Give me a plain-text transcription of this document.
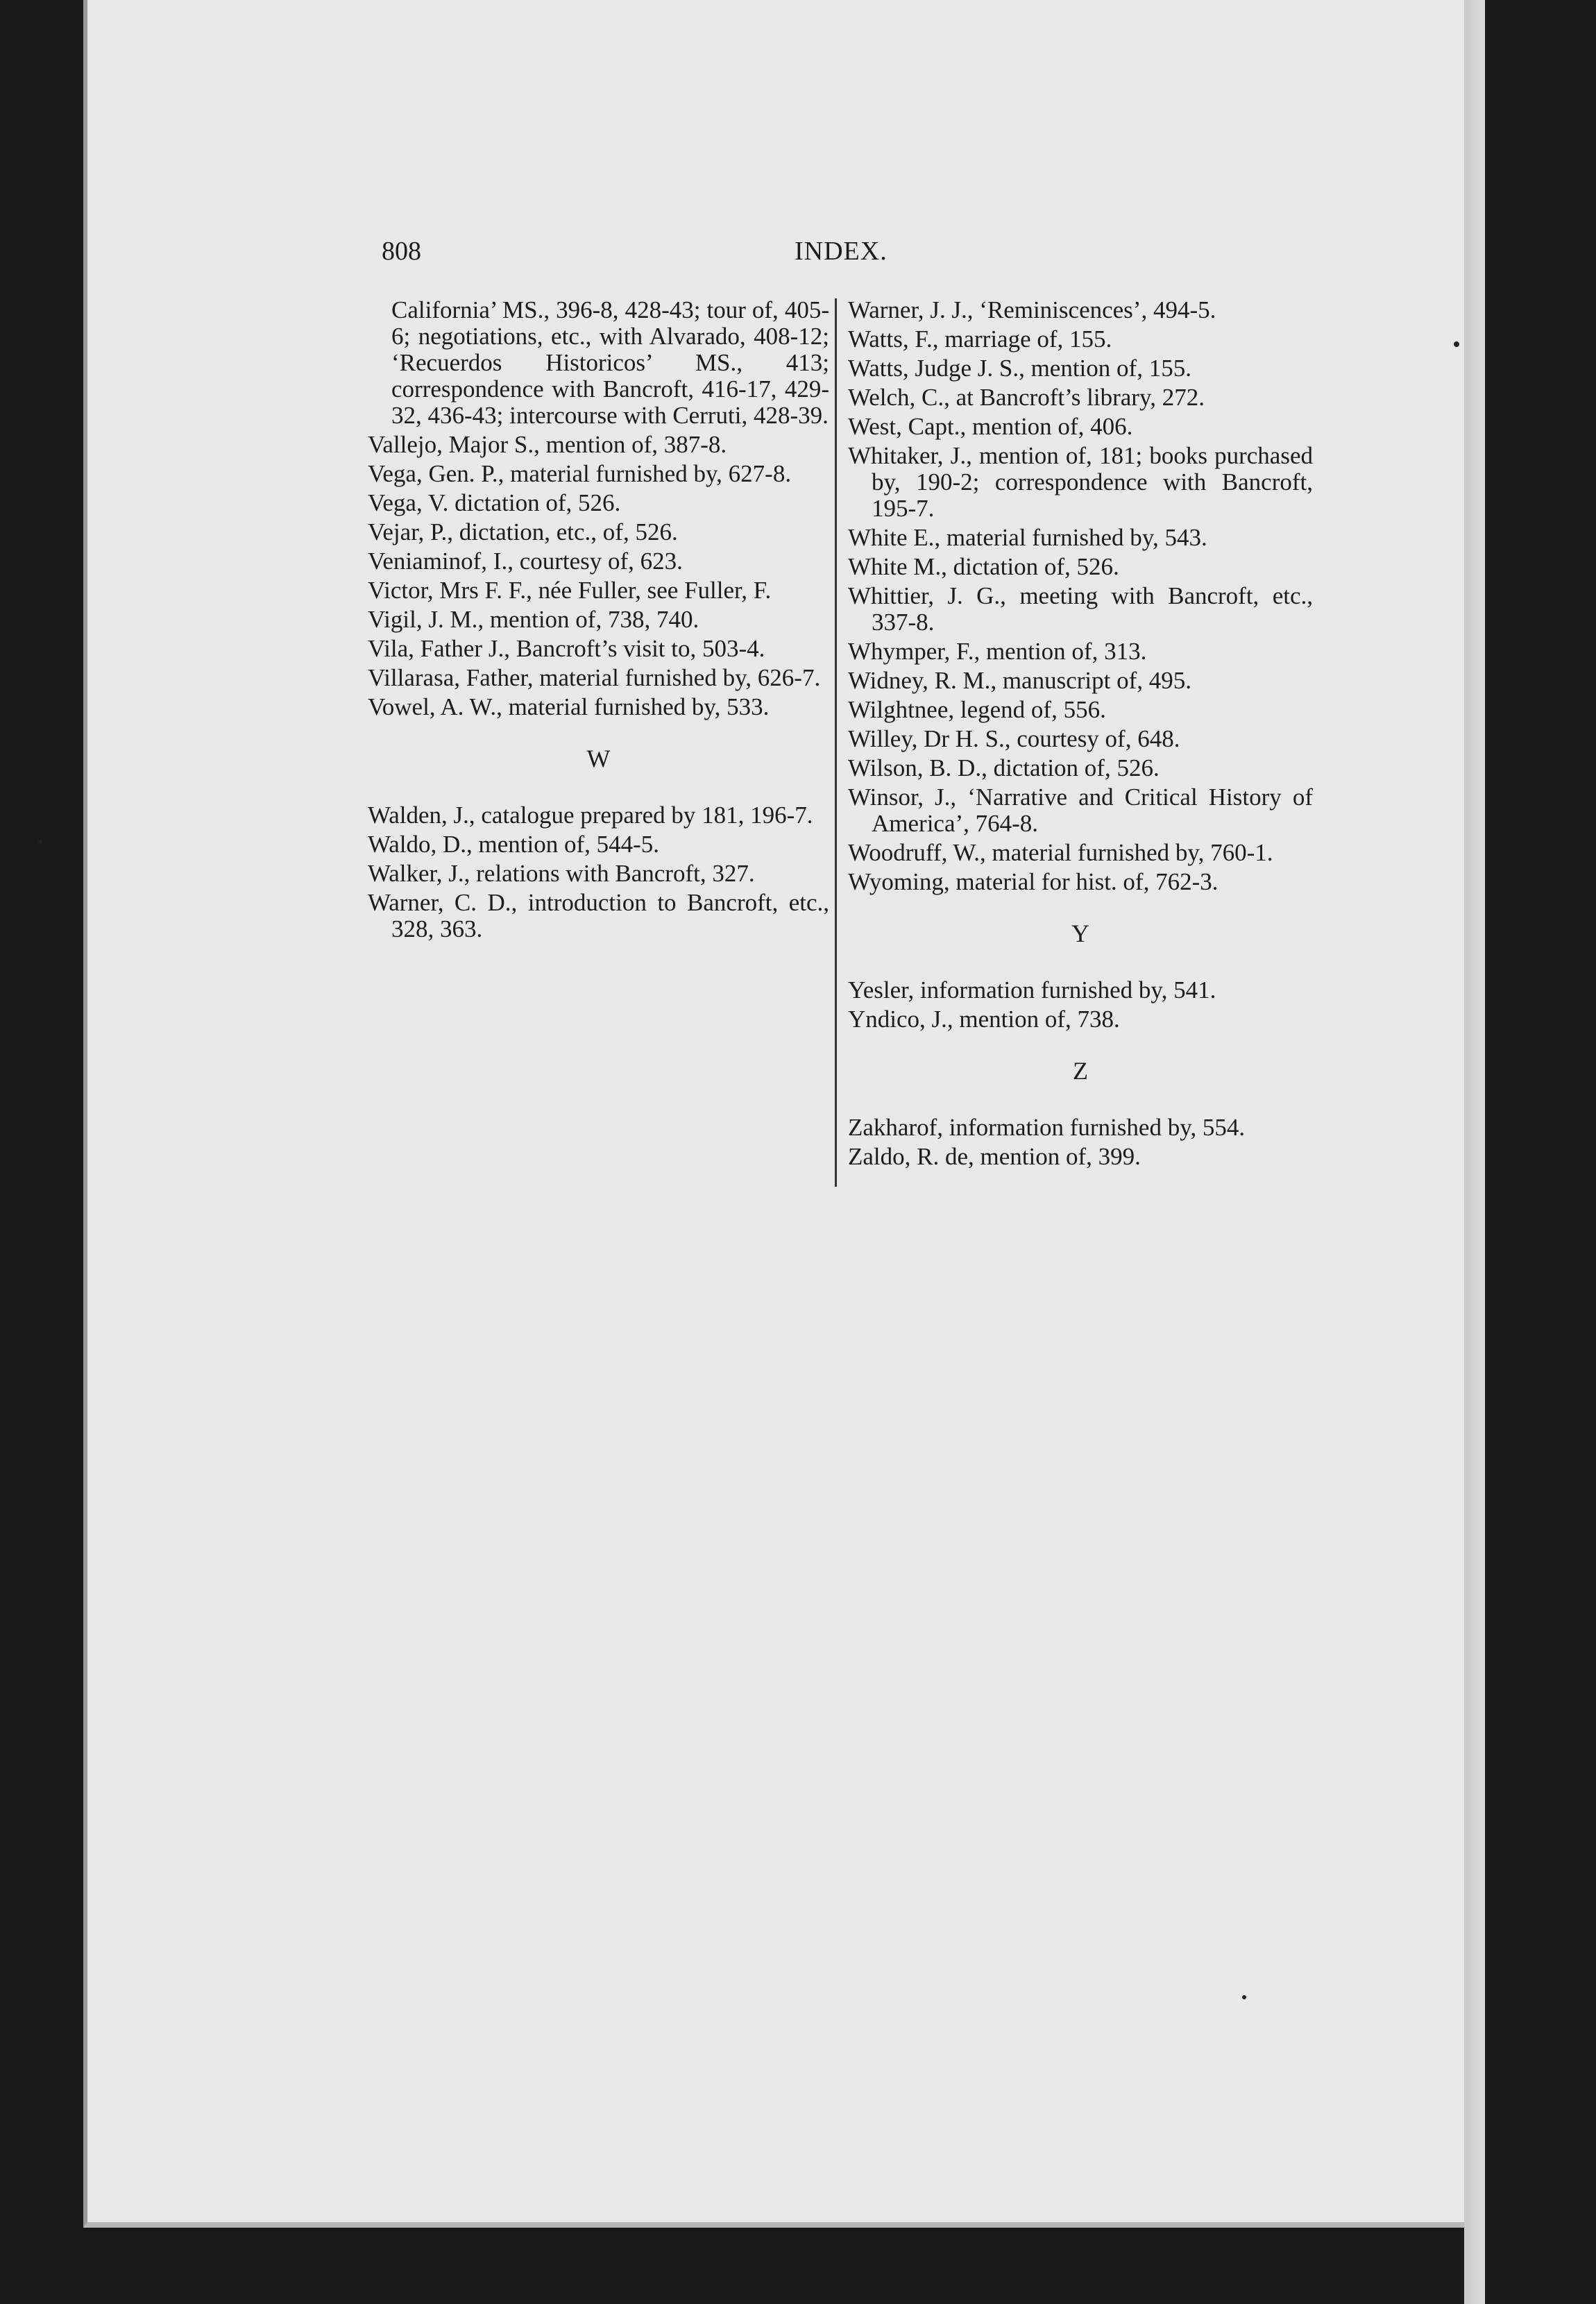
808	INDEX.
California’ MS., 396-8, 428-43; tour of, 405-6; negotiations, etc., with Alvarado, 408-12; ‘Recuerdos Historicos’ MS., 413; correspondence with Bancroft, 416-17, 429-32, 436-43; intercourse with Cerruti, 428-39.
Vallejo, Major S., mention of, 387-8.
Vega, Gen. P., material furnished by, 627-8.
Vega, V. dictation of, 526.
Vejar, P., dictation, etc., of, 526.
Veniaminof, I., courtesy of, 623.
Victor, Mrs F. F., née Fuller, see Fuller, F.
Vigil, J. M., mention of, 738, 740.
Vila, Father J., Bancroft’s visit to, 503-4.
Villarasa, Father, material furnished by, 626-7.
Vowel, A. W., material furnished by, 533.
W
Walden, J., catalogue prepared by 181, 196-7.
Waldo, D., mention of, 544-5.
Walker, J., relations with Bancroft, 327.
Warner, C. D., introduction to Bancroft, etc., 328, 363.
Warner, J. J., ‘Reminiscences’, 494-5.
Watts, F., marriage of, 155.
Watts, Judge J. S., mention of, 155.
Welch, C., at Bancroft’s library, 272.
West, Capt., mention of, 406.
Whitaker, J., mention of, 181; books purchased by, 190-2; correspondence with Bancroft, 195-7.
White E., material furnished by, 543.
White M., dictation of, 526.
Whittier, J. G., meeting with Bancroft, etc., 337-8.
Whymper, F., mention of, 313.
Widney, R. M., manuscript of, 495.
Wilghtnee, legend of, 556.
Willey, Dr H. S., courtesy of, 648.
Wilson, B. D., dictation of, 526.
Winsor, J., ‘Narrative and Critical History of America’, 764-8.
Woodruff, W., material furnished by, 760-1.
Wyoming, material for hist. of, 762-3.
Y
Yesler, information furnished by, 541.
Yndico, J., mention of, 738.
Z
Zakharof, information furnished by, 554.
Zaldo, R. de, mention of, 399.
